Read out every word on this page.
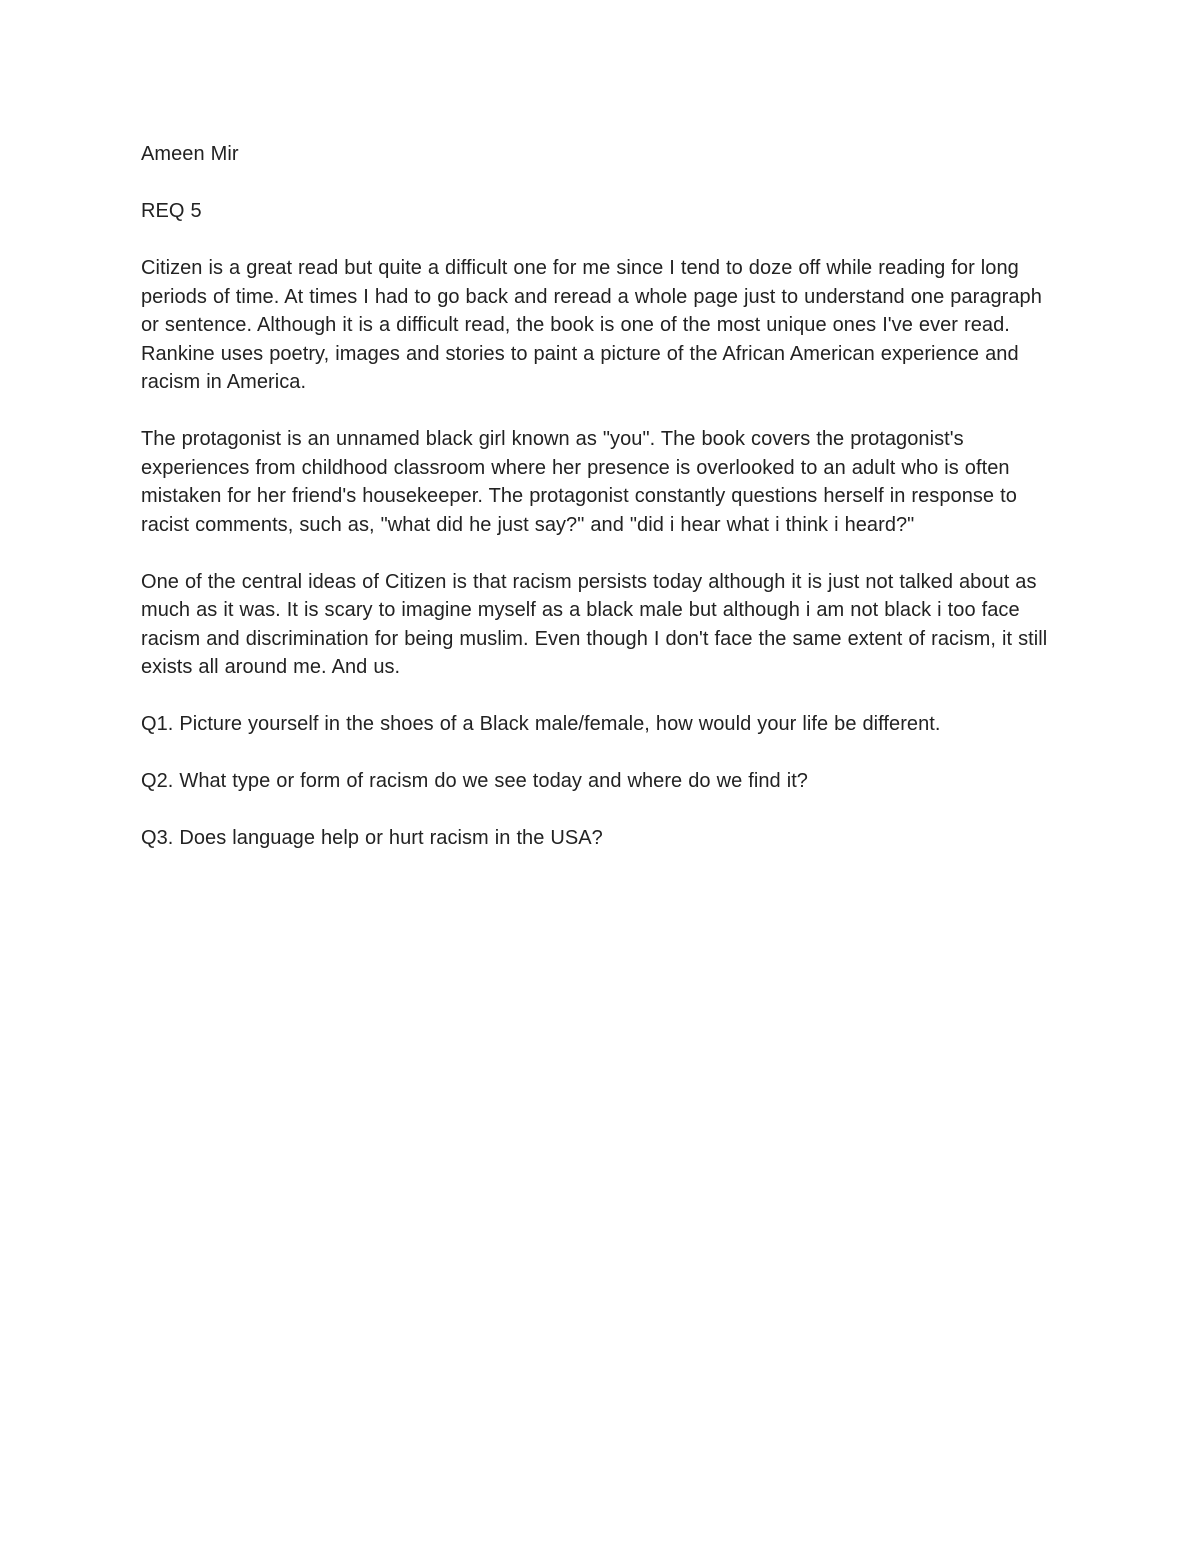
Ameen Mir

REQ 5

Citizen is a great read but quite a difficult one for me since I tend to doze off while reading for long periods of time. At times I had to go back and reread a whole page just to understand one paragraph or sentence. Although it is a difficult read, the book is one of the most unique ones I've ever read. Rankine uses poetry, images and stories to paint a picture of the African American experience and racism in America.

The protagonist is an unnamed black girl known as "you". The book covers the protagonist's experiences from childhood classroom where her presence is overlooked to an adult who is often mistaken for her friend's housekeeper. The protagonist constantly questions herself in response to racist comments, such as, "what did he just say?" and "did i hear what i think i heard?"

One of the central ideas of Citizen is that racism persists today although it is just not talked about as much as it was. It is scary to imagine myself as a black male but although i am not black i too face racism and discrimination for being muslim. Even though I don't face the same extent of racism, it still exists all around me. And us.

Q1. Picture yourself in the shoes of a Black male/female, how would your life be different.

Q2. What type or form of racism do we see today and where do we find it?

Q3. Does language help or hurt racism in the USA?
